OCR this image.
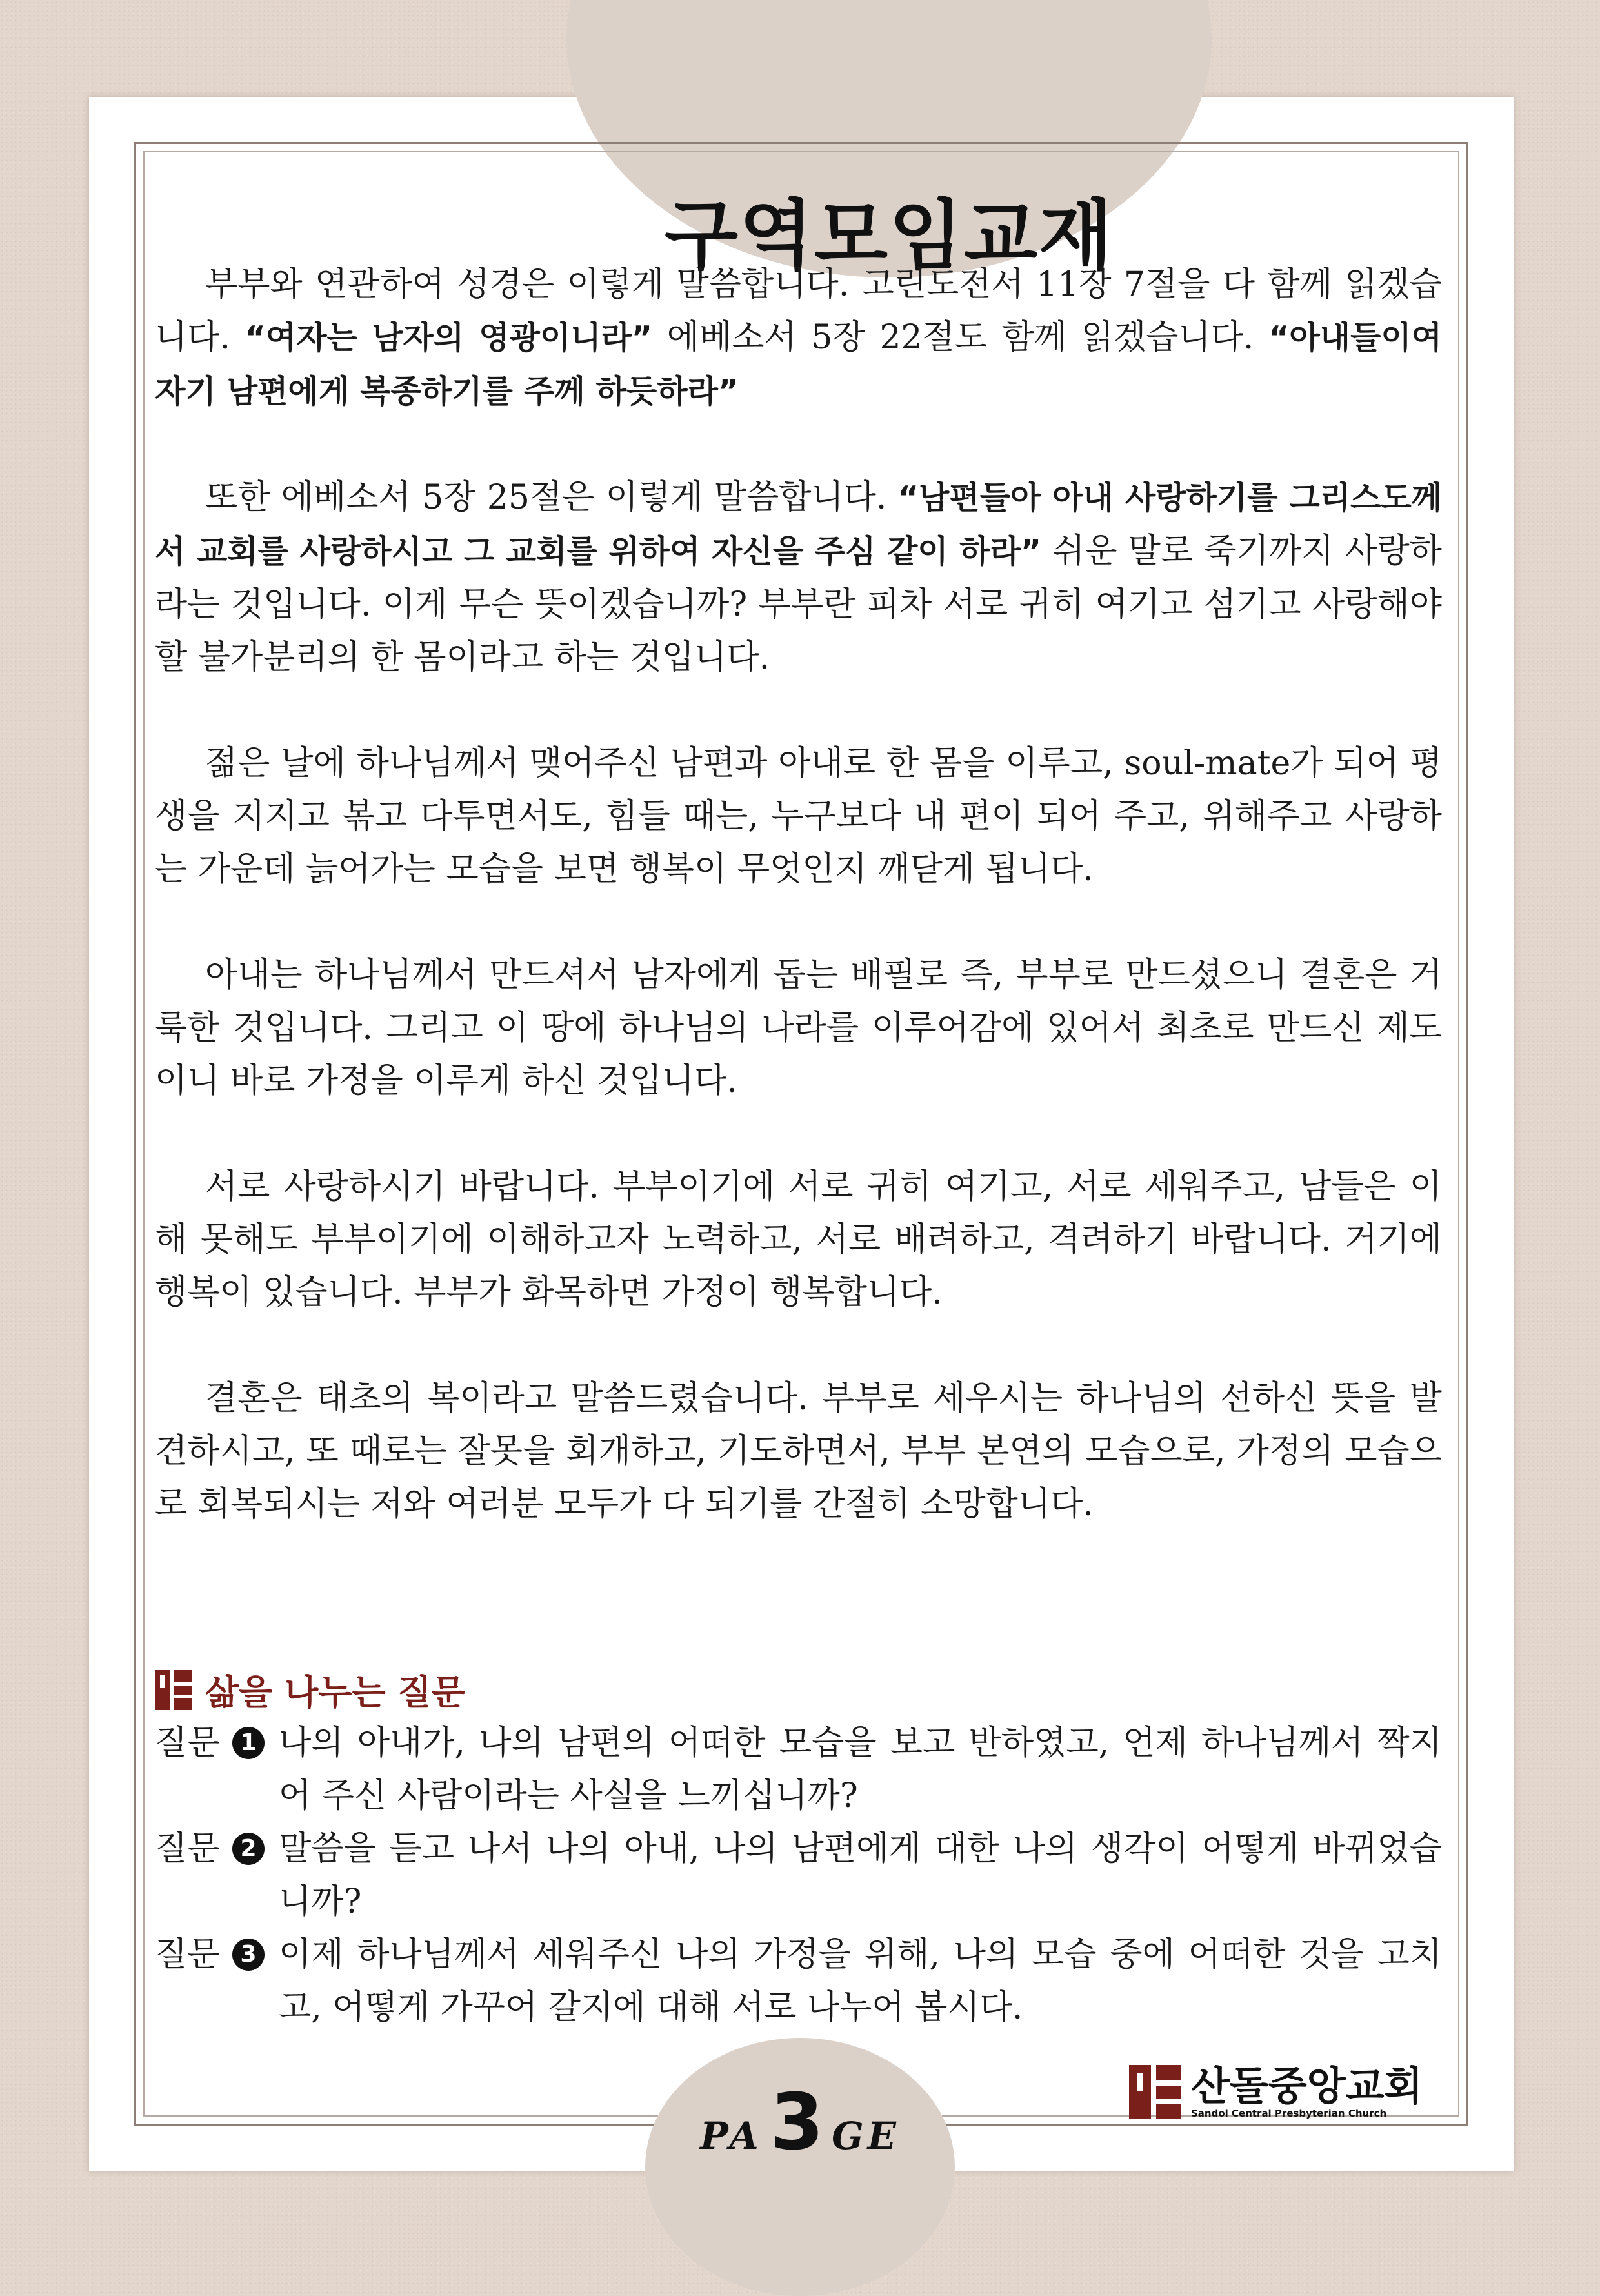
구역모임교재

부부와 연관하여 성경은 이렇게 말씀합니다. 고린도전서 11장 7절을 다 함께 읽겠습니다. “여자는 남자의 영광이니라” 에베소서 5장 22절도 함께 읽겠습니다. “아내들이여 자기 남편에게 복종하기를 주께 하듯하라”

또한 에베소서 5장 25절은 이렇게 말씀합니다. “남편들아 아내 사랑하기를 그리스도께서 교회를 사랑하시고 그 교회를 위하여 자신을 주심 같이 하라” 쉬운 말로 죽기까지 사랑하라는 것입니다. 이게 무슨 뜻이겠습니까? 부부란 피차 서로 귀히 여기고 섬기고 사랑해야 할 불가분리의 한 몸이라고 하는 것입니다.

젊은 날에 하나님께서 맺어주신 남편과 아내로 한 몸을 이루고, soul-mate가 되어 평생을 지지고 볶고 다투면서도, 힘들 때는, 누구보다 내 편이 되어 주고, 위해주고 사랑하는 가운데 늙어가는 모습을 보면 행복이 무엇인지 깨닫게 됩니다.

아내는 하나님께서 만드셔서 남자에게 돕는 배필로 즉, 부부로 만드셨으니 결혼은 거룩한 것입니다. 그리고 이 땅에 하나님의 나라를 이루어감에 있어서 최초로 만드신 제도이니 바로 가정을 이루게 하신 것입니다.

서로 사랑하시기 바랍니다. 부부이기에 서로 귀히 여기고, 서로 세워주고, 남들은 이해 못해도 부부이기에 이해하고자 노력하고, 서로 배려하고, 격려하기 바랍니다. 거기에 행복이 있습니다. 부부가 화목하면 가정이 행복합니다.

결혼은 태초의 복이라고 말씀드렸습니다. 부부로 세우시는 하나님의 선하신 뜻을 발견하시고, 또 때로는 잘못을 회개하고, 기도하면서, 부부 본연의 모습으로, 가정의 모습으로 회복되시는 저와 여러분 모두가 다 되기를 간절히 소망합니다.

삶을 나누는 질문
질문 1 나의 아내가, 나의 남편의 어떠한 모습을 보고 반하였고, 언제 하나님께서 짝지어 주신 사람이라는 사실을 느끼십니까?
질문 2 말씀을 듣고 나서 나의 아내, 나의 남편에게 대한 나의 생각이 어떻게 바뀌었습니까?
질문 3 이제 하나님께서 세워주신 나의 가정을 위해, 나의 모습 중에 어떠한 것을 고치고, 어떻게 가꾸어 갈지에 대해 서로 나누어 봅시다.
산돌중앙교회
Sandol Central Presbyterian Church
PA 3 GE
